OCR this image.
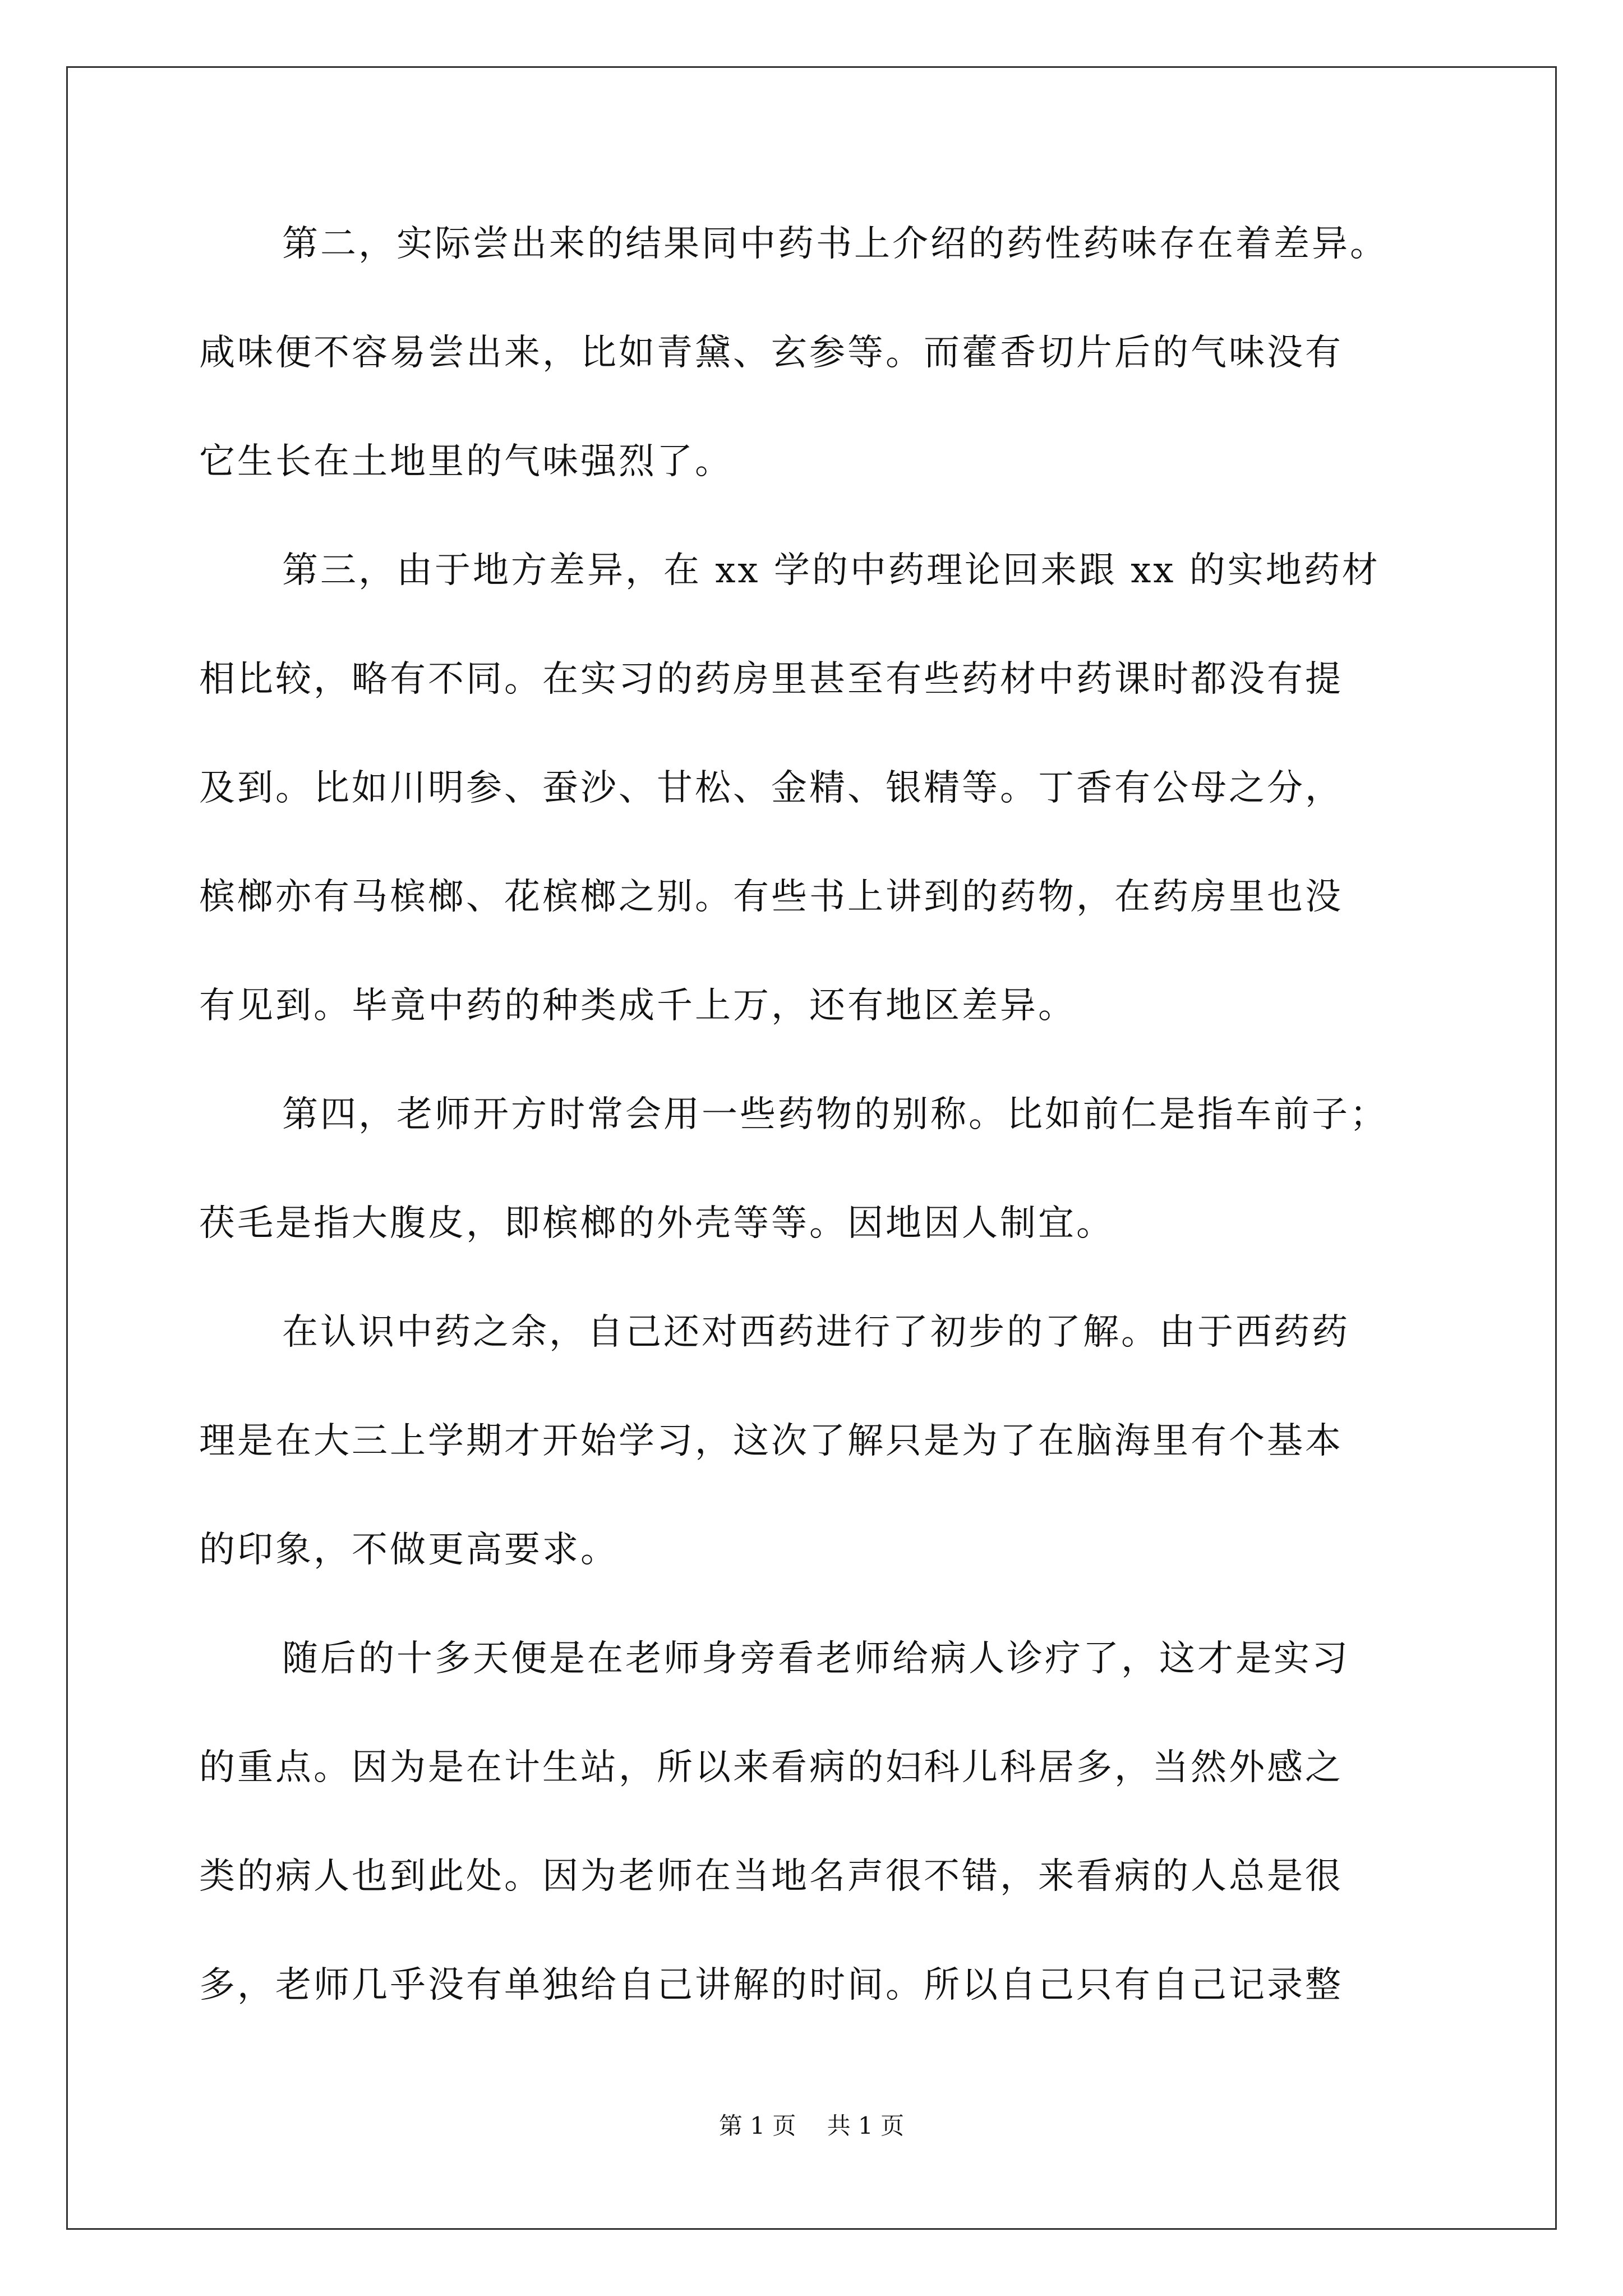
第二，实际尝出来的结果同中药书上介绍的药性药味存在着差异。
咸味便不容易尝出来，比如青黛、玄参等。而藿香切片后的气味没有
它生长在土地里的气味强烈了。
第三，由于地方差异，在 xx 学的中药理论回来跟 xx 的实地药材
相比较，略有不同。在实习的药房里甚至有些药材中药课时都没有提
及到。比如川明参、蚕沙、甘松、金精、银精等。丁香有公母之分，
槟榔亦有马槟榔、花槟榔之别。有些书上讲到的药物，在药房里也没
有见到。毕竟中药的种类成千上万，还有地区差异。
第四，老师开方时常会用一些药物的别称。比如前仁是指车前子；
茯毛是指大腹皮，即槟榔的外壳等等。因地因人制宜。
在认识中药之余，自己还对西药进行了初步的了解。由于西药药
理是在大三上学期才开始学习，这次了解只是为了在脑海里有个基本
的印象，不做更高要求。
随后的十多天便是在老师身旁看老师给病人诊疗了，这才是实习
的重点。因为是在计生站，所以来看病的妇科儿科居多，当然外感之
类的病人也到此处。因为老师在当地名声很不错，来看病的人总是很
多，老师几乎没有单独给自己讲解的时间。所以自己只有自己记录整
第 1 页　 共 1 页
